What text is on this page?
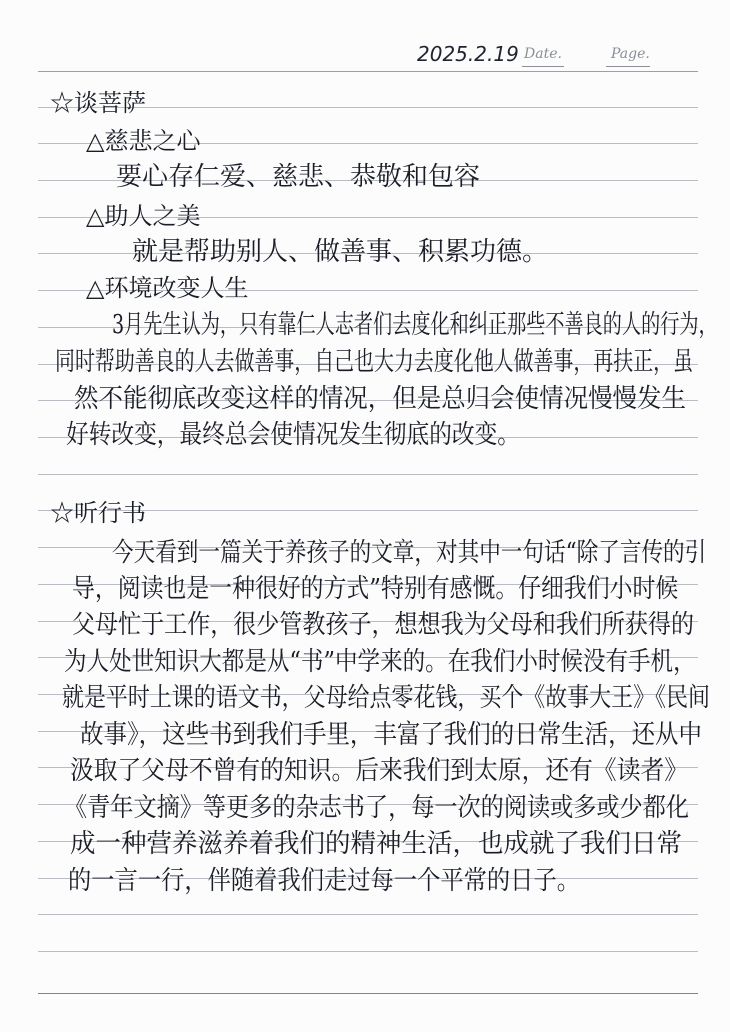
2025.2.19 Date.	Page.
☆谈菩萨
△慈悲之心
要心存仁爱、慈悲、恭敬和包容
△助人之美
就是帮助别人、做善事、积累功德。
△环境改变人生
3月先生认为，只有靠仁人志者们去度化和纠正那些不善良的人的行为，
同时帮助善良的人去做善事，自己也大力去度化他人做善事，再扶正，虽
然不能彻底改变这样的情况，但是总归会使情况慢慢发生
好转改变，最终总会使情况发生彻底的改变。
☆听行书
今天看到一篇关于养孩子的文章，对其中一句话“除了言传的引
导，阅读也是一种很好的方式”特别有感慨。仔细我们小时候
父母忙于工作，很少管教孩子，想想我为父母和我们所获得的
为人处世知识大都是从“书”中学来的。在我们小时候没有手机，
就是平时上课的语文书，父母给点零花钱，买个《故事大王》《民间
故事》，这些书到我们手里，丰富了我们的日常生活，还从中
汲取了父母不曾有的知识。后来我们到太原，还有《读者》
《青年文摘》等更多的杂志书了，每一次的阅读或多或少都化
成一种营养滋养着我们的精神生活，也成就了我们日常
的一言一行，伴随着我们走过每一个平常的日子。
